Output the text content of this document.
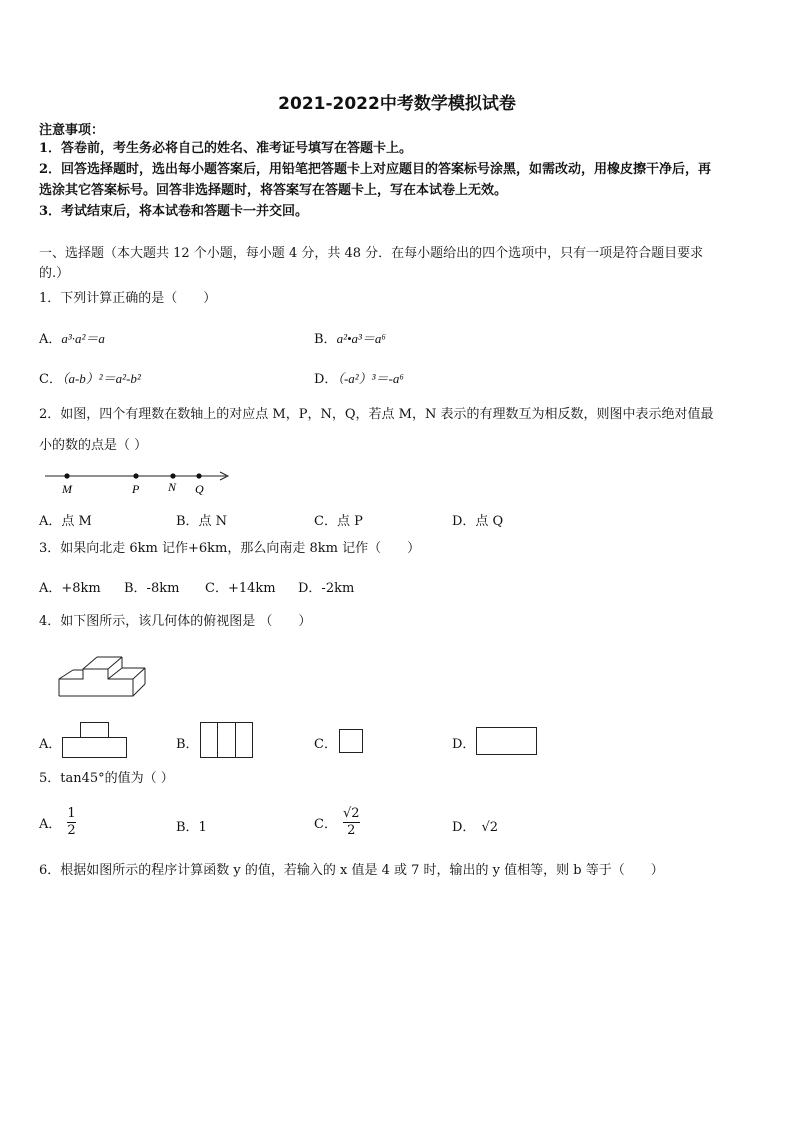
2021-2022中考数学模拟试卷
注意事项：
1．答卷前，考生务必将自己的姓名、准考证号填写在答题卡上。
2．回答选择题时，选出每小题答案后，用铅笔把答题卡上对应题目的答案标号涂黑，如需改动，用橡皮擦干净后，再
选涂其它答案标号。回答非选择题时，将答案写在答题卡上，写在本试卷上无效。
3．考试结束后，将本试卷和答题卡一并交回。
一、选择题（本大题共 12 个小题，每小题 4 分，共 48 分．在每小题给出的四个选项中，只有一项是符合题目要求
的.）
1．下列计算正确的是（　　）
A．a³·a²＝a	B．a²•a³＝a⁶
C．（a-b）²＝a²-b²	D．（-a²）³＝-a⁶
2．如图，四个有理数在数轴上的对应点 M，P，N，Q，若点 M，N 表示的有理数互为相反数，则图中表示绝对值最
小的数的点是（ ）
M	P N Q
A．点 M	B．点 N	C．点 P	D．点 Q
3．如果向北走 6km 记作+6km，那么向南走 8km 记作（　　）
A．+8km B．-8km C．+14km D．-2km
4．如下图所示，该几何体的俯视图是 （　　）
A．	B．	C．	D．
5．tan45°的值为（ ）
A． $\frac{1}{2}$	B．1	C． $\frac{√2}{2}$	D． √2
6．根据如图所示的程序计算函数 y 的值，若输入的 x 值是 4 或 7 时，输出的 y 值相等，则 b 等于（　　）
